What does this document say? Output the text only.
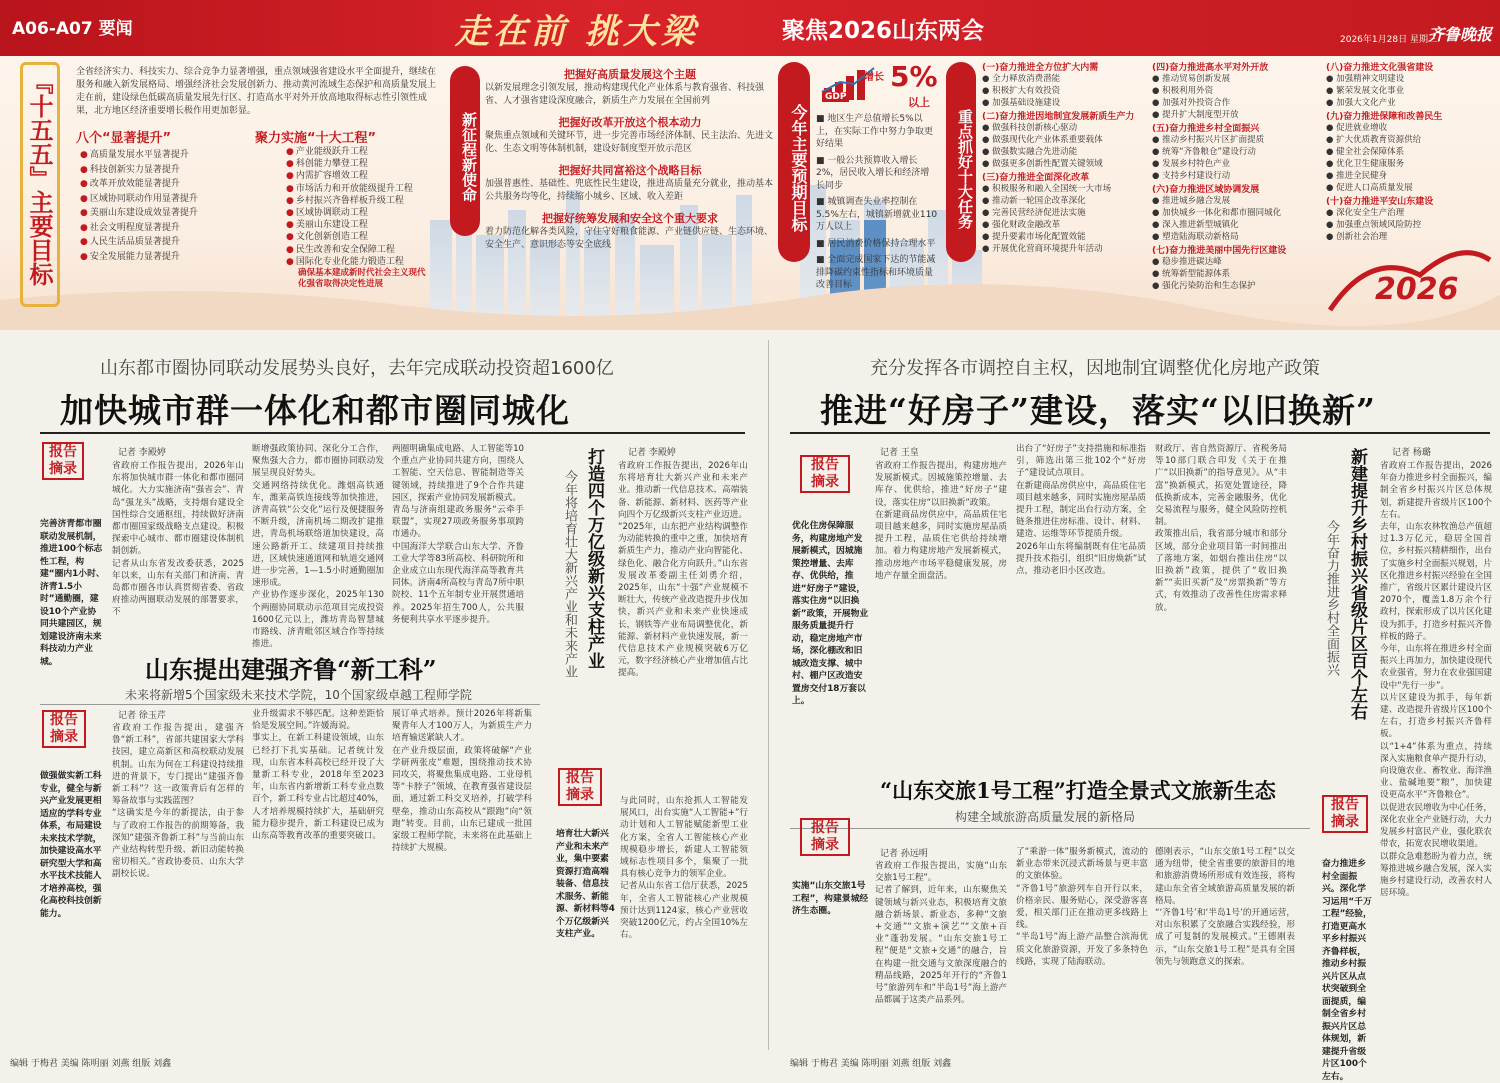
A06-A07 要闻	走在前 挑大梁	聚焦2026山东两会	2026年1月28日 星期三
齐鲁晚报
2026
『十五五』主要目标	全省经济实力、科技实力、综合竞争力显著增强，重点领域强省建设水平全面提升，继续在服务和融入新发展格局、增强经济社会发展创新力、推动黄河流域生态保护和高质量发展上走在前，建设绿色低碳高质量发展先行区、打造高水平对外开放高地取得标志性引领性成果，北方地区经济重要增长极作用更加彰显。
八个“显著提升”
● 高质量发展水平显著提升
● 科技创新实力显著提升
● 改革开放效能显著提升
● 区域协同联动作用显著提升
● 美丽山东建设成效显著提升
● 社会文明程度显著提升
● 人民生活品质显著提升
● 安全发展能力显著提升
聚力实施“十大工程”
● 产业能级跃升工程
● 科创能力攀登工程
● 内需扩容增效工程
● 市场活力和开放能级提升工程
● 乡村振兴齐鲁样板升级工程
● 区域协调联动工程
● 美丽山东建设工程
● 文化创新创造工程
● 民生改善和安全保障工程
● 国际化专业化能力锻造工程
确保基本建成新时代社会主义现代化强省取得决定性进展
新征程新使命
把握好高质量发展这个主题
以新发展理念引领发展，推动构建现代化产业体系与教育强省、科技强省、人才强省建设深度融合，新质生产力发展在全国前列
把握好改革开放这个根本动力
聚焦重点领域和关键环节，进一步完善市场经济体制、民主法治、先进文化、生态文明等体制机制，建设好制度型开放示范区
把握好共同富裕这个战略目标
加强普惠性、基础性、兜底性民生建设，推进高质量充分就业，推动基本公共服务均等化，持续缩小城乡、区域、收入差距
把握好统筹发展和安全这个重大要求
着力防范化解各类风险，守住守好粮食能源、产业链供应链、生态环境、安全生产、意识形态等安全底线
今年主要预期目标
GDP
增长 5%
以上
■ 地区生产总值增长5%以上，在实际工作中努力争取更好结果
■ 一般公共预算收入增长2%，居民收入增长和经济增长同步
■ 城镇调查失业率控制在5.5%左右，城镇新增就业110万人以上
■ 居民消费价格保持合理水平
■ 全面完成国家下达的节能减排降碳约束性指标和环境质量改善目标
重点抓好十大任务
(一)奋力推进全方位扩大内需
● 全力释放消费潜能
● 积极扩大有效投资
● 加强基础设施建设
(二)奋力推进因地制宜发展新质生产力
● 做强科技创新核心驱动
● 做强现代化产业体系重要载体
● 做强数实融合先进动能
● 做强更多创新性配置关键领域
(三)奋力推进全面深化改革
● 积极服务和融入全国统一大市场
● 推动新一轮国企改革深化
● 完善民营经济促进法实施
● 强化财政金融改革
● 提升要素市场化配置效能
● 开展优化营商环境提升年活动
(四)奋力推进高水平对外开放
● 推动贸易创新发展
● 积极利用外资
● 加强对外投资合作
● 提升扩大制度型开放
(五)奋力推进乡村全面振兴
● 推动乡村振兴片区扩面提质
● 统筹“齐鲁粮仓”建设行动
● 发展乡村特色产业
● 支持乡村建设行动
(六)奋力推进区域协调发展
● 推进城乡融合发展
● 加快城乡一体化和都市圈同城化
● 深入推进新型城镇化
● 塑造陆海联动新格局
(七)奋力推进美丽中国先行区建设
● 稳步推进碳达峰
● 统筹新型能源体系
● 强化污染防治和生态保护
(八)奋力推进文化强省建设
● 加强精神文明建设
● 繁荣发展文化事业
● 加强大文化产业
(九)奋力推进保障和改善民生
● 促进就业增收
● 扩大优质教育资源供给
● 健全社会保障体系
● 优化卫生健康服务
● 推进全民健身
● 促进人口高质量发展
(十)奋力推进平安山东建设
● 深化安全生产治理
● 加强重点领域风险防控
● 创新社会治理
山东都市圈协同联动发展势头良好，去年完成联动投资超1600亿
加快城市群一体化和都市圈同城化
报告
摘录
完善济青都市圈联动发展机制，推进100个标志性工程，构建“圈内1小时、济青1.5小时”通勤圈，建设10个产业协同共建园区，规划建设济南未来科技动力产业城。
记者 李殿婷
省政府工作报告提出，2026年山东将加快城市群一体化和都市圈同城化。大力实施济南“强省会”、青岛“强龙头”战略，支持烟台建设全国性综合交通枢纽，持续做好济南都市圈国家级战略支点建设。积极探索中心城市、都市圈建设体制机制创新。
记者从山东省发改委获悉，2025年以来，山东有关部门和济南、青岛都市圈各市认真贯彻省委、省政府推动两圈联动发展的部署要求，不
断增强政策协同、深化分工合作，聚焦强大合力，都市圈协同联动发展呈现良好势头。
交通网络持续优化。潍烟高铁通车，潍莱高铁连接线等加快推进，济青高铁“公交化”运行及便捷服务不断升级，济南机场二期改扩建推进，青岛机场联络道加快建设，高速公路新开工、续建项目持续推进，区域快速通道网和轨道交通网进一步完善，1—1.5小时通勤圈加速形成。
产业协作逐步深化，2025年130个两圈协同联动示范项目完成投资1600亿元以上，潍坊青岛智慧城市路线、济青毗邻区域合作等持续推进。
两圈明确集成电路、人工智能等10个重点产业协同共建方向，围绕人工智能、空天信息、智能制造等关键领域，持续推进了9个合作共建园区，探索产业协同发展新模式。
青岛与济南组建政务服务“云牵手联盟”，实现27项政务服务事项跨市通办。
中国海洋大学联合山东大学、齐鲁工业大学等83所高校、科研院所和企业成立山东现代海洋高等教育共同体。济南4所高校与青岛7所中职院校、11个五年制专业开展贯通培养。2025年招生700人，公共服务便利共享水平逐步提升。	打造四个万亿级新兴支柱产业
今年将培育壮大新兴产业和未来产业
记者 李殿婷
省政府工作报告提出，2026年山东将培育壮大新兴产业和未来产业。推动新一代信息技术、高端装备、新能源、新材料、医药等产业向四个万亿级新兴支柱产业迈进。
“2025年，山东把产业结构调整作为动能转换的重中之重，加快培育新质生产力，推动产业向智能化、绿色化、融合化方向跃升。”山东省发展改革委副主任刘勇介绍，2025年，山东“十强”产业规模不断壮大，传统产业改造提升步伐加快，新兴产业和未来产业快速成长，钢铁等产业布局调整优化，新能源、新材料产业快速发展，新一代信息技术产业规模突破6万亿元，数字经济核心产业增加值占比提高。
报告
摘录
培育壮大新兴产业和未来产业，集中要素资源打造高端装备、信息技术服务、新能源、新材料等4个万亿级新兴支柱产业。
与此同时，山东抢抓人工智能发展风口，出台实施“人工智能+”行动计划和人工智能赋能新型工业化方案，全省人工智能核心产业规模稳步增长，新建人工智能领域标志性项目多个，集聚了一批具有核心竞争力的领军企业。
记者从山东省工信厅获悉，2025年，全省人工智能核心产业规模预计达到1124家，核心产业营收突破1200亿元，约占全国10%左右。
山东提出建强齐鲁“新工科”
未来将新增5个国家级未来技术学院，10个国家级卓越工程师学院
记者 徐玉芹
报告
摘录
做强做实新工科专业，健全与新兴产业发展更相适应的学科专业体系，布局建设未来技术学院，加快建设高水平研究型大学和高水平技术技能人才培养高校，强化高校科技创新能力。
省政府工作报告提出，建强齐鲁“新工科”，省部共建国家大学科技园，建立高新区和高校联动发展机制。山东为何在工科建设持续推进的背景下，专门提出“建强齐鲁新工科”？这一政策背后有怎样的筹备故事与实践蓝图？
“这确实是今年的新提法，由于参与了政府工作报告的前期筹备，我深知“建强齐鲁新工科”与当前山东产业结构转型升级、新旧动能转换密切相关。”省政协委员、山东大学副校长说。
业升级需求不够匹配。这种差距恰恰是发展空间。”许媛海说。
事实上，在新工科建设领域，山东已经打下扎实基础。记者统计发现，山东省本科高校已经开设了大量新工科专业，2018年至2023年，山东省内新增新工科专业点数百个，新工科专业占比超过40%，人才培养规模持续扩大，基础研究能力稳步提升，新工科建设已成为山东高等教育改革的重要突破口。
展订单式培养。预计2026年将新集聚青年人才100万人，为新质生产力培育输送紧缺人才。
在产业升级层面，政策将破解“产业学研两张皮”难题，围绕推动技术协同攻关，将聚焦集成电路、工业母机等“卡脖子”领域，在教育强省建设层面，通过新工科交叉培养，打破学科壁垒，推动山东高校从“跟跑”向“领跑”转变。目前，山东已建成一批国家级工程师学院，未来将在此基础上持续扩大规模。
充分发挥各市调控自主权，因地制宜调整优化房地产政策
推进“好房子”建设，落实“以旧换新”
报告
摘录
优化住房保障服务，构建房地产发展新模式，因城施策控增量、去库存、优供给，推进“好房子”建设，落实住房“以旧换新”政策，开展物业服务质量提升行动，稳定房地产市场，深化棚改和旧城改造支撑、城中村、棚户区改造安置房交付18万套以上。
记者 王皇
省政府工作报告提出，构建房地产发展新模式。因城施策控增量、去库存、优供给，推进“好房子”建设，落实住房“以旧换新”政策。
在新建商品房供应中，高品质住宅项目越来越多，同时实施房屋品质提升工程，品质住宅供给持续增加。着力构建房地产发展新模式，推动房地产市场平稳健康发展，房地产存量全面盘活。
出台了“好房子”支持措施和标准指引，筛选出第三批102个“好房子”建设试点项目。
在新建商品房供应中，高品质住宅项目越来越多，同时实施房屋品质提升工程，制定出台行动方案，全链条推进住房标准、设计、材料、建造、运维等环节提质升级。
2026年山东将编制既有住宅品质提升技术指引，组织“旧房焕新”试点，推动老旧小区改造。
财政厅、省自然资源厅、省税务局等10部门联合印发《关于在推广“以旧换新”的指导意见》。从“丰富”换新模式，拓宽处置途径，降低换新成本，完善金融服务，优化交易流程与服务，健全风险防控机制。
政策推出后，我省部分城市和部分区域，部分企业项目第一时间推出了落地方案，如烟台推出住房“以旧换新”政策，提供了“收旧换新”“卖旧买新”及“房票换新”等方式，有效推动了改善性住房需求释放。	新建提升乡村振兴省级片区百个左右
今年奋力推进乡村全面振兴
记者 杨璐
省政府工作报告提出，2026年奋力推进乡村全面振兴，编制全省乡村振兴片区总体规划，新建提升省级片区100个左右。
去年，山东农林牧渔总产值超过1.3万亿元，稳居全国首位，乡村振兴精耕细作，出台了实施乡村全面振兴规划，片区化推进乡村振兴经验在全国推广，省级片区累计建设片区2070个，覆盖1.8万余个行政村，探索形成了以片区化建设为抓手，打造乡村振兴齐鲁样板的路子。
今年，山东将在推进乡村全面振兴上再加力，加快建设现代农业强省，努力在农业强国建设中“先行一步”。
以片区建设为抓手，每年新建、改造提升省级片区100个左右，打造乡村振兴齐鲁样板。
以“1+4”体系为重点，持续深入实施粮食单产提升行动，向设施农业、畜牧业、海洋渔业、盐碱地要“粮”，加快建设更高水平“齐鲁粮仓”。
以促进农民增收为中心任务，深化农业全产业链行动，大力发展乡村富民产业，强化联农带农，拓宽农民增收渠道。
以群众急难愁盼为着力点，统筹推进城乡融合发展，深入实施乡村建设行动，改善农村人居环境。
报告
摘录
奋力推进乡村全面振兴。深化学习运用“千万工程”经验，打造更高水平乡村振兴齐鲁样板，推动乡村振兴片区从点状突破到全面提质，编制全省乡村振兴片区总体规划，新建提升省级片区100个左右。
“山东交旅1号工程”打造全景式文旅新生态
构建全域旅游高质量发展的新格局
报告
摘录
实施“山东交旅1号工程”，构建景城经济生态圈。
记者 孙远明
省政府工作报告提出，实施“山东交旅1号工程”。
记者了解到，近年来，山东聚焦关键领域与新兴业态，积极培育文旅融合新场景、新业态，多种“文旅+交通”“文旅+演艺”“文旅+百业”蓬勃发展。“山东交旅1号工程”便是“文旅+交通”的融合，旨在构建一批交通与文旅深度融合的精品线路，2025年开行的“齐鲁1号”旅游列车和“半岛1号”海上游产品都属于这类产品系列。
了“乘游一体”服务新模式，流动的新业态带来沉浸式新场景与更丰富的文旅体验。
“齐鲁1号”旅游列车自开行以来，价格亲民、服务贴心，深受游客喜爱，相关部门正在推动更多线路上线。
“半岛1号”海上游产品整合滨海优质文化旅游资源，开发了多条特色线路，实现了陆海联动。
德刚表示，“山东交旅1号工程”以交通为纽带，使全省重要的旅游目的地和旅游消费场所形成有效连接，将构建山东全省全域旅游高质量发展的新格局。
“‘齐鲁1号’和‘半岛1号’的开通运营，对山东积累了交旅融合实践经验，形成了可复制的发展模式。”王德刚表示，“山东交旅1号工程”是具有全国领先与领跑意义的探索。
编辑 于梅君 美编 陈明丽 刘燕 组版 刘鑫	编辑 于梅君 美编 陈明丽 刘燕 组版 刘鑫
